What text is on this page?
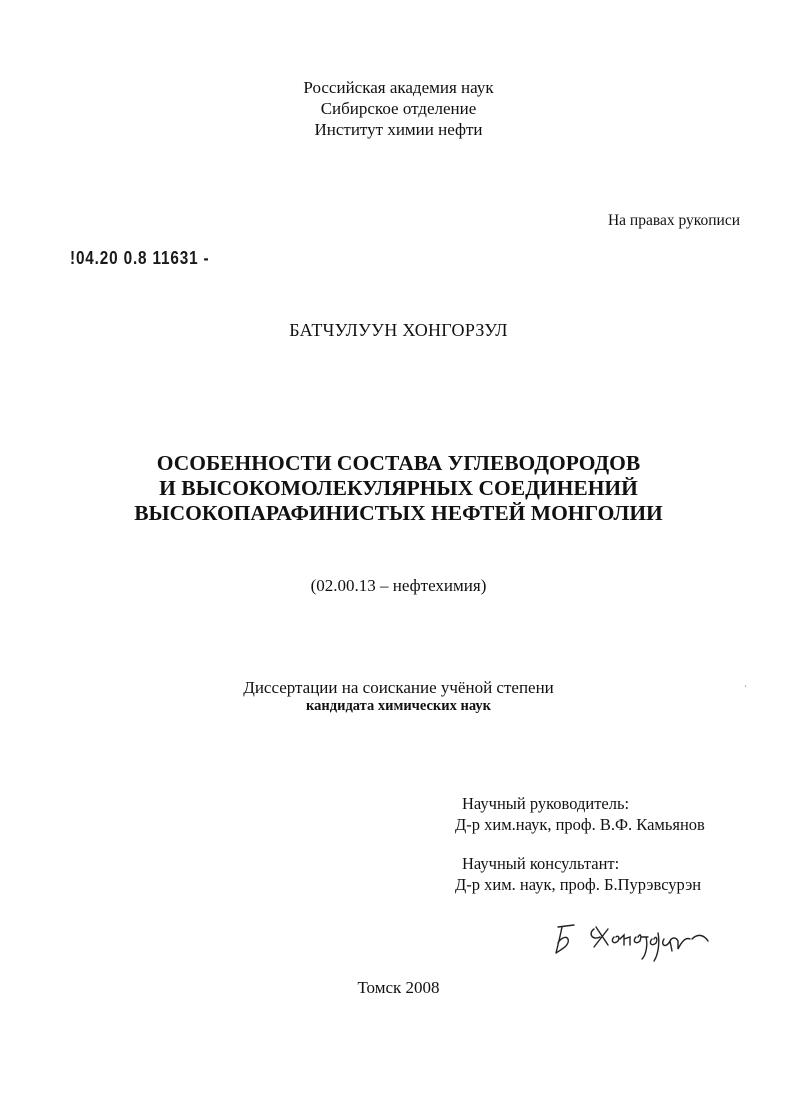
Российская академия наук
Сибирское отделение
Институт химии нефти
На правах рукописи
!04.20 0.8 11631 -
БАТЧУЛУУН ХОНГОРЗУЛ
ОСОБЕННОСТИ СОСТАВА УГЛЕВОДОРОДОВ
И ВЫСОКОМОЛЕКУЛЯРНЫХ СОЕДИНЕНИЙ
ВЫСОКОПАРАФИНИСТЫХ НЕФТЕЙ МОНГОЛИИ
(02.00.13 – нефтехимия)
Диссертации на соискание учёной степени
кандидата химических наук
ʿ
Научный руководитель:
Д-р хим.наук, проф. В.Ф. Камьянов
Научный консультант:
Д-р хим. наук, проф. Б.Пурэвсурэн
Томск 2008
